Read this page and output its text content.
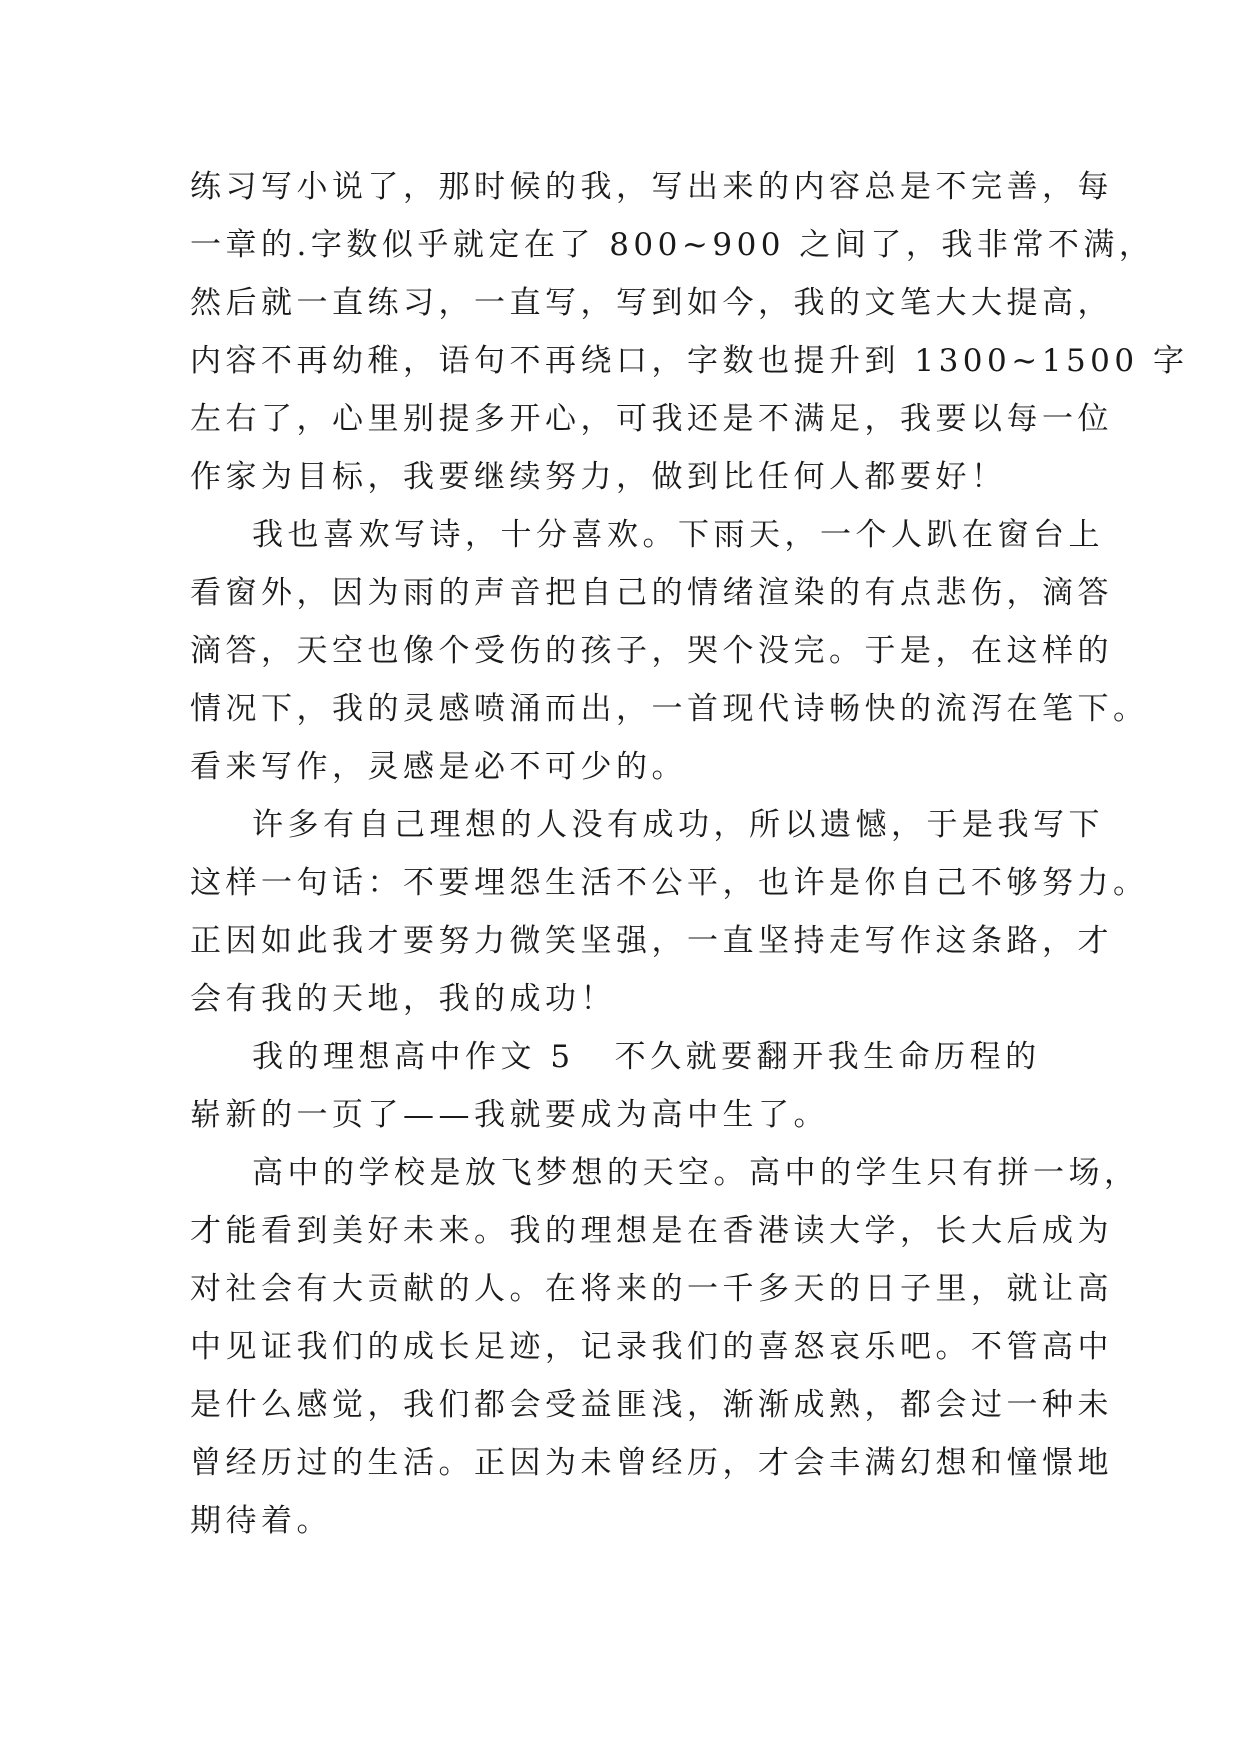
练习写小说了，那时候的我，写出来的内容总是不完善，每
一章的.字数似乎就定在了 800~900 之间了，我非常不满，
然后就一直练习，一直写，写到如今，我的文笔大大提高，
内容不再幼稚，语句不再绕口，字数也提升到 1300~1500 字
左右了，心里别提多开心，可我还是不满足，我要以每一位
作家为目标，我要继续努力，做到比任何人都要好！
我也喜欢写诗，十分喜欢。下雨天，一个人趴在窗台上
看窗外，因为雨的声音把自己的情绪渲染的有点悲伤，滴答
滴答，天空也像个受伤的孩子，哭个没完。于是，在这样的
情况下，我的灵感喷涌而出，一首现代诗畅快的流泻在笔下。
看来写作，灵感是必不可少的。
许多有自己理想的人没有成功，所以遗憾，于是我写下
这样一句话：不要埋怨生活不公平，也许是你自己不够努力。
正因如此我才要努力微笑坚强，一直坚持走写作这条路，才
会有我的天地，我的成功！
我的理想高中作文 5 不久就要翻开我生命历程的
崭新的一页了——我就要成为高中生了。
高中的学校是放飞梦想的天空。高中的学生只有拼一场，
才能看到美好未来。我的理想是在香港读大学，长大后成为
对社会有大贡献的人。在将来的一千多天的日子里，就让高
中见证我们的成长足迹，记录我们的喜怒哀乐吧。不管高中
是什么感觉，我们都会受益匪浅，渐渐成熟，都会过一种未
曾经历过的生活。正因为未曾经历，才会丰满幻想和憧憬地
期待着。
